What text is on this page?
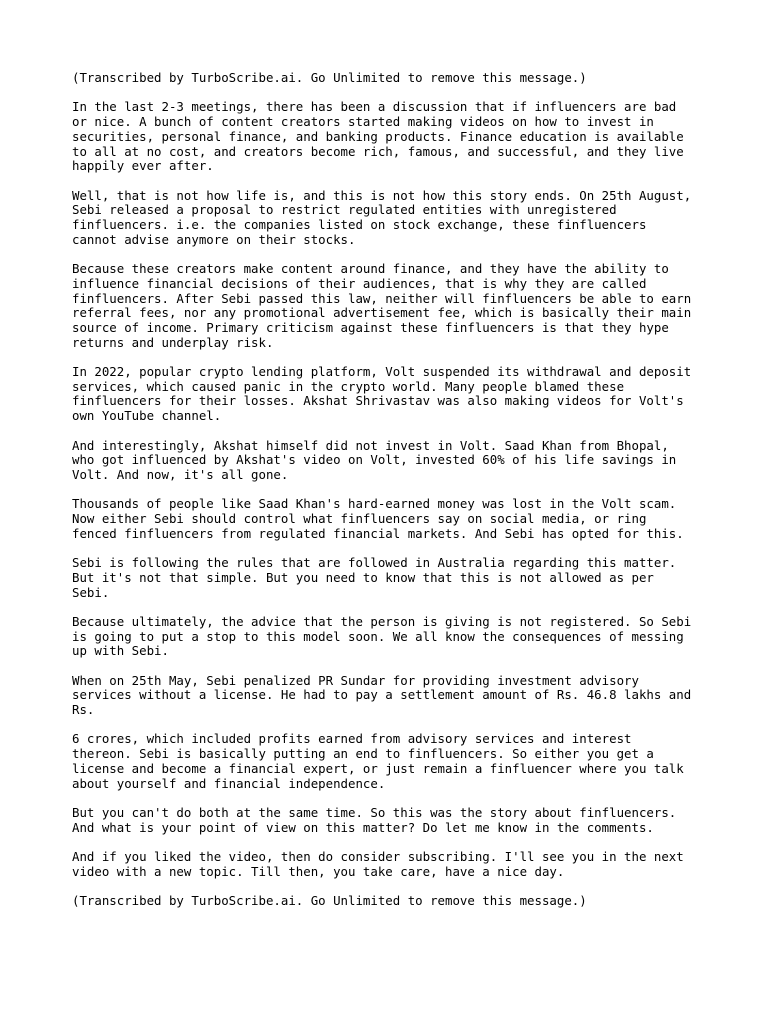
(Transcribed by TurboScribe.ai. Go Unlimited to remove this message.)

In the last 2-3 meetings, there has been a discussion that if influencers are bad
or nice. A bunch of content creators started making videos on how to invest in
securities, personal finance, and banking products. Finance education is available
to all at no cost, and creators become rich, famous, and successful, and they live
happily ever after.

Well, that is not how life is, and this is not how this story ends. On 25th August,
Sebi released a proposal to restrict regulated entities with unregistered
finfluencers. i.e. the companies listed on stock exchange, these finfluencers
cannot advise anymore on their stocks.

Because these creators make content around finance, and they have the ability to
influence financial decisions of their audiences, that is why they are called
finfluencers. After Sebi passed this law, neither will finfluencers be able to earn
referral fees, nor any promotional advertisement fee, which is basically their main
source of income. Primary criticism against these finfluencers is that they hype
returns and underplay risk.

In 2022, popular crypto lending platform, Volt suspended its withdrawal and deposit
services, which caused panic in the crypto world. Many people blamed these
finfluencers for their losses. Akshat Shrivastav was also making videos for Volt's
own YouTube channel.

And interestingly, Akshat himself did not invest in Volt. Saad Khan from Bhopal,
who got influenced by Akshat's video on Volt, invested 60% of his life savings in
Volt. And now, it's all gone.

Thousands of people like Saad Khan's hard-earned money was lost in the Volt scam.
Now either Sebi should control what finfluencers say on social media, or ring
fenced finfluencers from regulated financial markets. And Sebi has opted for this.

Sebi is following the rules that are followed in Australia regarding this matter.
But it's not that simple. But you need to know that this is not allowed as per
Sebi.

Because ultimately, the advice that the person is giving is not registered. So Sebi
is going to put a stop to this model soon. We all know the consequences of messing
up with Sebi.

When on 25th May, Sebi penalized PR Sundar for providing investment advisory
services without a license. He had to pay a settlement amount of Rs. 46.8 lakhs and
Rs.

6 crores, which included profits earned from advisory services and interest
thereon. Sebi is basically putting an end to finfluencers. So either you get a
license and become a financial expert, or just remain a finfluencer where you talk
about yourself and financial independence.

But you can't do both at the same time. So this was the story about finfluencers.
And what is your point of view on this matter? Do let me know in the comments.

And if you liked the video, then do consider subscribing. I'll see you in the next
video with a new topic. Till then, you take care, have a nice day.

(Transcribed by TurboScribe.ai. Go Unlimited to remove this message.)
